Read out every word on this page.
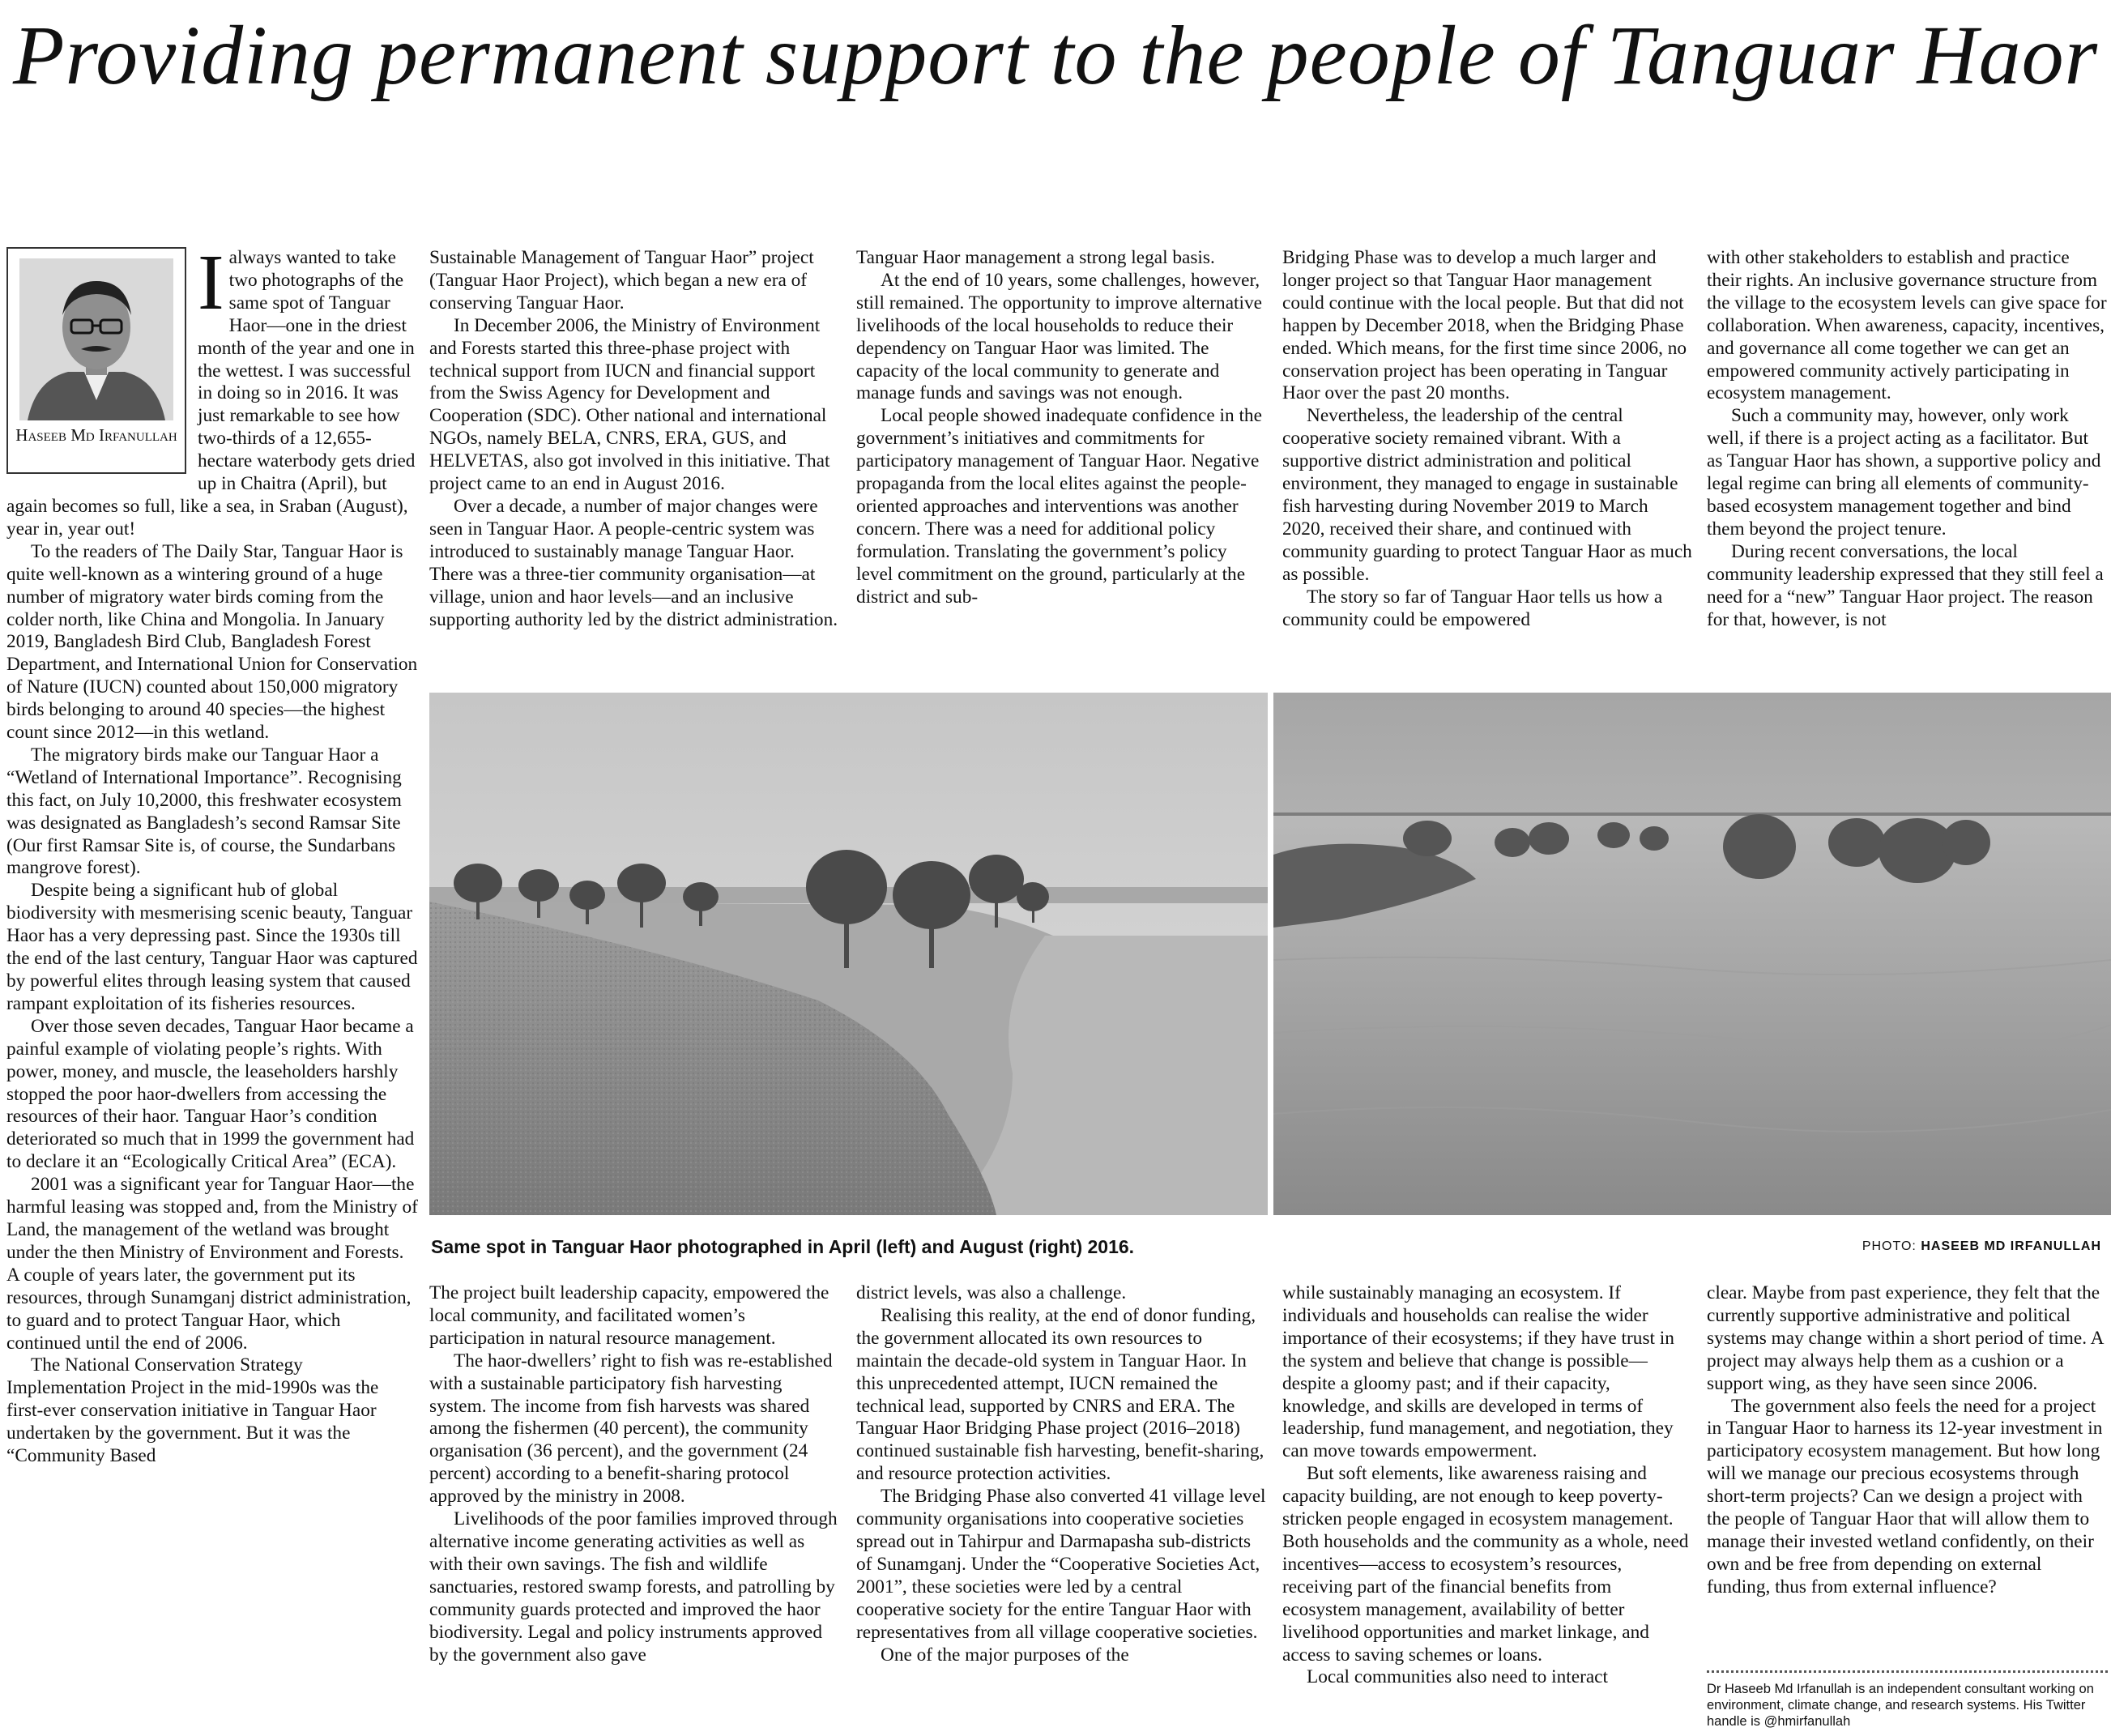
Providing permanent support to the people of Tanguar Haor
Haseeb Md Irfanullah

Ialways wanted to take two photographs of the same spot of Tanguar Haor—one in the driest month of the year and one in the wettest. I was successful in doing so in 2016. It was just remarkable to see how two-thirds of a 12,655-hectare waterbody gets dried up in Chaitra (April), but again becomes so full, like a sea, in Sraban (August), year in, year out!

To the readers of The Daily Star, Tanguar Haor is quite well-known as a wintering ground of a huge number of migratory water birds coming from the colder north, like China and Mongolia. In January 2019, Bangladesh Bird Club, Bangladesh Forest Department, and International Union for Conservation of Nature (IUCN) counted about 150,000 migratory birds belonging to around 40 species—the highest count since 2012—in this wetland.

The migratory birds make our Tanguar Haor a “Wetland of International Importance”. Recognising this fact, on July 10,2000, this freshwater ecosystem was designated as Bangladesh’s second Ramsar Site (Our first Ramsar Site is, of course, the Sundarbans mangrove forest).

Despite being a significant hub of global biodiversity with mesmerising scenic beauty, Tanguar Haor has a very depressing past. Since the 1930s till the end of the last century, Tanguar Haor was captured by powerful elites through leasing system that caused rampant exploitation of its fisheries resources.

Over those seven decades, Tanguar Haor became a painful example of violating people’s rights. With power, money, and muscle, the leaseholders harshly stopped the poor haor-dwellers from accessing the resources of their haor. Tanguar Haor’s condition deteriorated so much that in 1999 the government had to declare it an “Ecologically Critical Area” (ECA).

2001 was a significant year for Tanguar Haor—the harmful leasing was stopped and, from the Ministry of Land, the management of the wetland was brought under the then Ministry of Environment and Forests. A couple of years later, the government put its resources, through Sunamganj district administration, to guard and to protect Tanguar Haor, which continued until the end of 2006.

The National Conservation Strategy Implementation Project in the mid-1990s was the first-ever conservation initiative in Tanguar Haor undertaken by the government. But it was the “Community Based

Sustainable Management of Tanguar Haor” project (Tanguar Haor Project), which began a new era of conserving Tanguar Haor.

In December 2006, the Ministry of Environment and Forests started this three-phase project with technical support from IUCN and financial support from the Swiss Agency for Development and Cooperation (SDC). Other national and international NGOs, namely BELA, CNRS, ERA, GUS, and HELVETAS, also got involved in this initiative. That project came to an end in August 2016.

Over a decade, a number of major changes were seen in Tanguar Haor. A people-centric system was introduced to sustainably manage Tanguar Haor. There was a three-tier community organisation—at village, union and haor levels—and an inclusive supporting authority led by the district administration.

Tanguar Haor management a strong legal basis.

At the end of 10 years, some challenges, however, still remained. The opportunity to improve alternative livelihoods of the local households to reduce their dependency on Tanguar Haor was limited. The capacity of the local community to generate and manage funds and savings was not enough.

Local people showed inadequate confidence in the government’s initiatives and commitments for participatory management of Tanguar Haor. Negative propaganda from the local elites against the people-oriented approaches and interventions was another concern. There was a need for additional policy formulation. Translating the government’s policy level commitment on the ground, particularly at the district and sub-

Bridging Phase was to develop a much larger and longer project so that Tanguar Haor management could continue with the local people. But that did not happen by December 2018, when the Bridging Phase ended. Which means, for the first time since 2006, no conservation project has been operating in Tanguar Haor over the past 20 months.

Nevertheless, the leadership of the central cooperative society remained vibrant. With a supportive district administration and political environment, they managed to engage in sustainable fish harvesting during November 2019 to March 2020, received their share, and continued with community guarding to protect Tanguar Haor as much as possible.

The story so far of Tanguar Haor tells us how a community could be empowered

with other stakeholders to establish and practice their rights. An inclusive governance structure from the village to the ecosystem levels can give space for collaboration. When awareness, capacity, incentives, and governance all come together we can get an empowered community actively participating in ecosystem management.

Such a community may, however, only work well, if there is a project acting as a facilitator. But as Tanguar Haor has shown, a supportive policy and legal regime can bring all elements of community-based ecosystem management together and bind them beyond the project tenure.

During recent conversations, the local community leadership expressed that they still feel a need for a “new” Tanguar Haor project. The reason for that, however, is not

Same spot in Tanguar Haor photographed in April (left) and August (right) 2016.	PHOTO: HASEEB MD IRFANULLAH

The project built leadership capacity, empowered the local community, and facilitated women’s participation in natural resource management.

The haor-dwellers’ right to fish was re-established with a sustainable participatory fish harvesting system. The income from fish harvests was shared among the fishermen (40 percent), the community organisation (36 percent), and the government (24 percent) according to a benefit-sharing protocol approved by the ministry in 2008.

Livelihoods of the poor families improved through alternative income generating activities as well as with their own savings. The fish and wildlife sanctuaries, restored swamp forests, and patrolling by community guards protected and improved the haor biodiversity. Legal and policy instruments approved by the government also gave

district levels, was also a challenge.

Realising this reality, at the end of donor funding, the government allocated its own resources to maintain the decade-old system in Tanguar Haor. In this unprecedented attempt, IUCN remained the technical lead, supported by CNRS and ERA. The Tanguar Haor Bridging Phase project (2016–2018) continued sustainable fish harvesting, benefit-sharing, and resource protection activities.

The Bridging Phase also converted 41 village level community organisations into cooperative societies spread out in Tahirpur and Darmapasha sub-districts of Sunamganj. Under the “Cooperative Societies Act, 2001”, these societies were led by a central cooperative society for the entire Tanguar Haor with representatives from all village cooperative societies.

One of the major purposes of the

while sustainably managing an ecosystem. If individuals and households can realise the wider importance of their ecosystems; if they have trust in the system and believe that change is possible—despite a gloomy past; and if their capacity, knowledge, and skills are developed in terms of leadership, fund management, and negotiation, they can move towards empowerment.

But soft elements, like awareness raising and capacity building, are not enough to keep poverty-stricken people engaged in ecosystem management. Both households and the community as a whole, need incentives—access to ecosystem’s resources, receiving part of the financial benefits from ecosystem management, availability of better livelihood opportunities and market linkage, and access to saving schemes or loans.

Local communities also need to interact

clear. Maybe from past experience, they felt that the currently supportive administrative and political systems may change within a short period of time. A project may always help them as a cushion or a support wing, as they have seen since 2006.

The government also feels the need for a project in Tanguar Haor to harness its 12-year investment in participatory ecosystem management. But how long will we manage our precious ecosystems through short-term projects? Can we design a project with the people of Tanguar Haor that will allow them to manage their invested wetland confidently, on their own and be free from depending on external funding, thus from external influence?

Dr Haseeb Md Irfanullah is an independent consultant working on environment, climate change, and research systems. His Twitter handle is @hmirfanullah
